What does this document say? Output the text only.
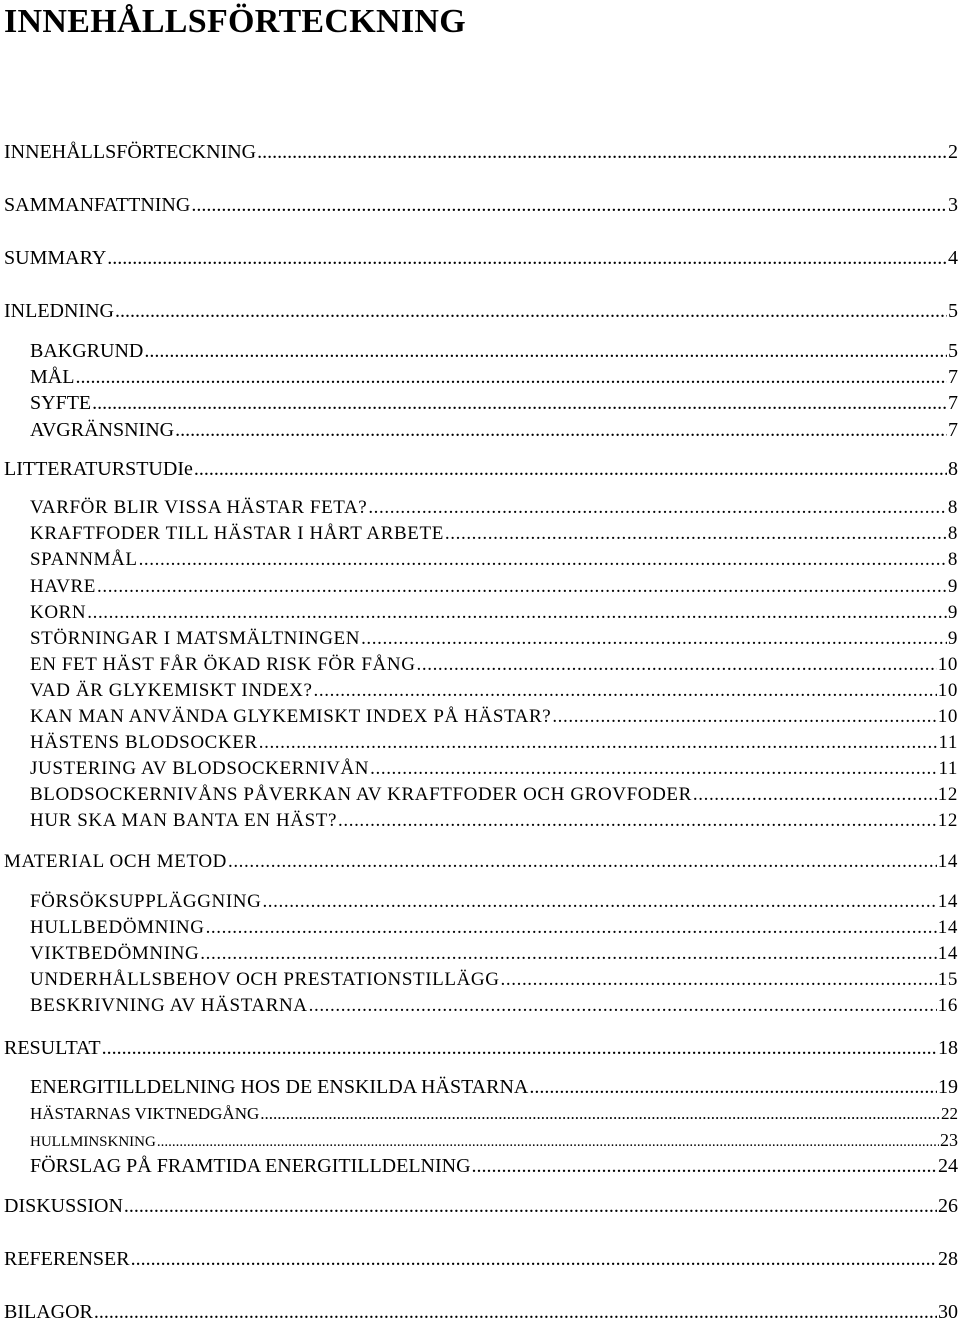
INNEHÅLLSFÖRTECKNING
INNEHÅLLSFÖRTECKNING .....	2
SAMMANFATTNING .....	3
SUMMARY .....	4
INLEDNING .....	5
BAKGRUND .....	5
MÅL .....	7
SYFTE .....	7
AVGRÄNSNING .....	7
LITTERATURSTUDIe .....	8
VARFÖR BLIR VISSA HÄSTAR FETA? .....	8
KRAFTFODER TILL HÄSTAR I HÅRT ARBETE .....	8
SPANNMÅL .....	8
HAVRE .....	9
KORN .....	9
STÖRNINGAR I MATSMÄLTNINGEN .....	9
EN FET HÄST FÅR ÖKAD RISK FÖR FÅNG .....	10
VAD ÄR GLYKEMISKT INDEX? .....	10
KAN MAN ANVÄNDA GLYKEMISKT INDEX PÅ HÄSTAR? .....	10
HÄSTENS BLODSOCKER .....	11
JUSTERING AV BLODSOCKERNIVÅN .....	11
BLODSOCKERNIVÅNS PÅVERKAN AV KRAFTFODER OCH GROVFODER .....	12
HUR SKA MAN BANTA EN HÄST? .....	12
MATERIAL OCH METOD .....	14
FÖRSÖKSUPPLÄGGNING .....	14
HULLBEDÖMNING .....	14
VIKTBEDÖMNING .....	14
UNDERHÅLLSBEHOV OCH PRESTATIONSTILLÄGG .....	15
BESKRIVNING AV HÄSTARNA .....	16
RESULTAT .....	18
ENERGITILLDELNING HOS DE ENSKILDA HÄSTARNA .....	19
HÄSTARNAS VIKTNEDGÅNG .....	22
HULLMINSKNING .....	23
FÖRSLAG PÅ FRAMTIDA ENERGITILLDELNING .....	24
DISKUSSION .....	26
REFERENSER .....	28
BILAGOR .....	30
